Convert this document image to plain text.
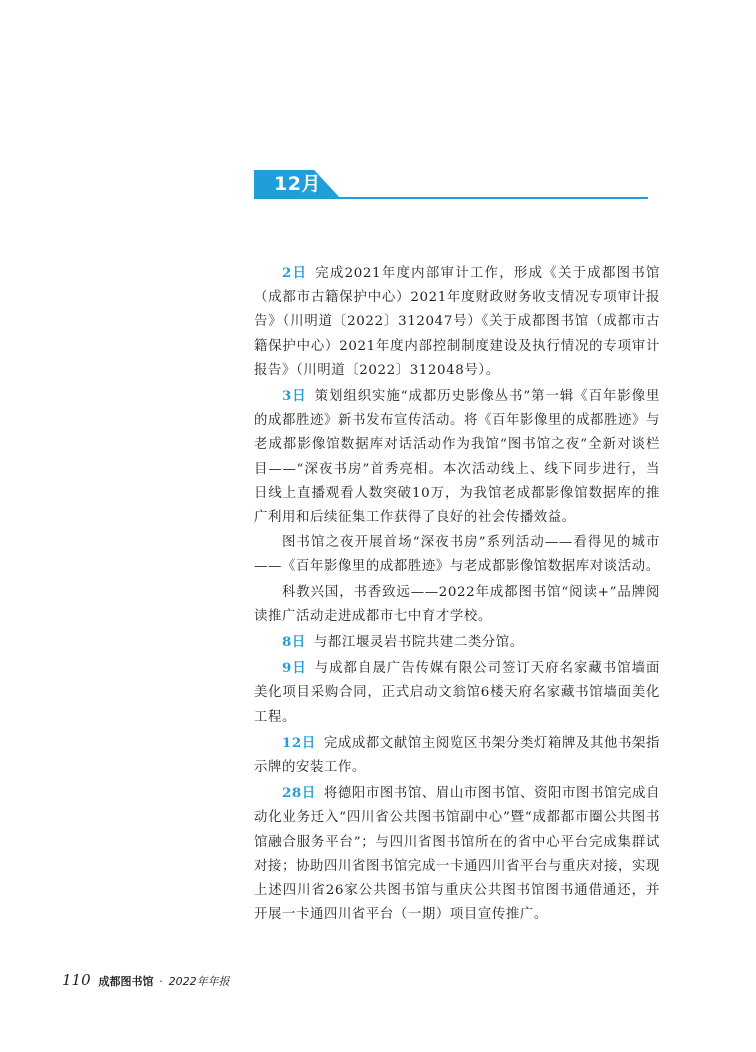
12月

2日 完成2021年度内部审计工作，形成《关于成都图书馆（成都市古籍保护中心）2021年度财政财务收支情况专项审计报告》（川明道〔2022〕312047号）《关于成都图书馆（成都市古籍保护中心）2021年度内部控制制度建设及执行情况的专项审计报告》（川明道〔2022〕312048号）。

3日 策划组织实施“成都历史影像丛书”第一辑《百年影像里的成都胜迹》新书发布宣传活动。将《百年影像里的成都胜迹》与老成都影像馆数据库对话活动作为我馆“图书馆之夜”全新对谈栏目——“深夜书房”首秀亮相。本次活动线上、线下同步进行，当日线上直播观看人数突破10万，为我馆老成都影像馆数据库的推广利用和后续征集工作获得了良好的社会传播效益。

图书馆之夜开展首场“深夜书房”系列活动——看得见的城市——《百年影像里的成都胜迹》与老成都影像馆数据库对谈活动。

科教兴国，书香致远——2022年成都图书馆“阅读+”品牌阅读推广活动走进成都市七中育才学校。

8日 与都江堰灵岩书院共建二类分馆。

9日 与成都自晟广告传媒有限公司签订天府名家藏书馆墙面美化项目采购合同，正式启动文翁馆6楼天府名家藏书馆墙面美化工程。

12日 完成成都文献馆主阅览区书架分类灯箱牌及其他书架指示牌的安装工作。

28日 将德阳市图书馆、眉山市图书馆、资阳市图书馆完成自动化业务迁入“四川省公共图书馆副中心”暨“成都都市圈公共图书馆融合服务平台”；与四川省图书馆所在的省中心平台完成集群试对接；协助四川省图书馆完成一卡通四川省平台与重庆对接，实现上述四川省26家公共图书馆与重庆公共图书馆图书通借通还，并开展一卡通四川省平台（一期）项目宣传推广。

110 成都图书馆 · 2022年年报
